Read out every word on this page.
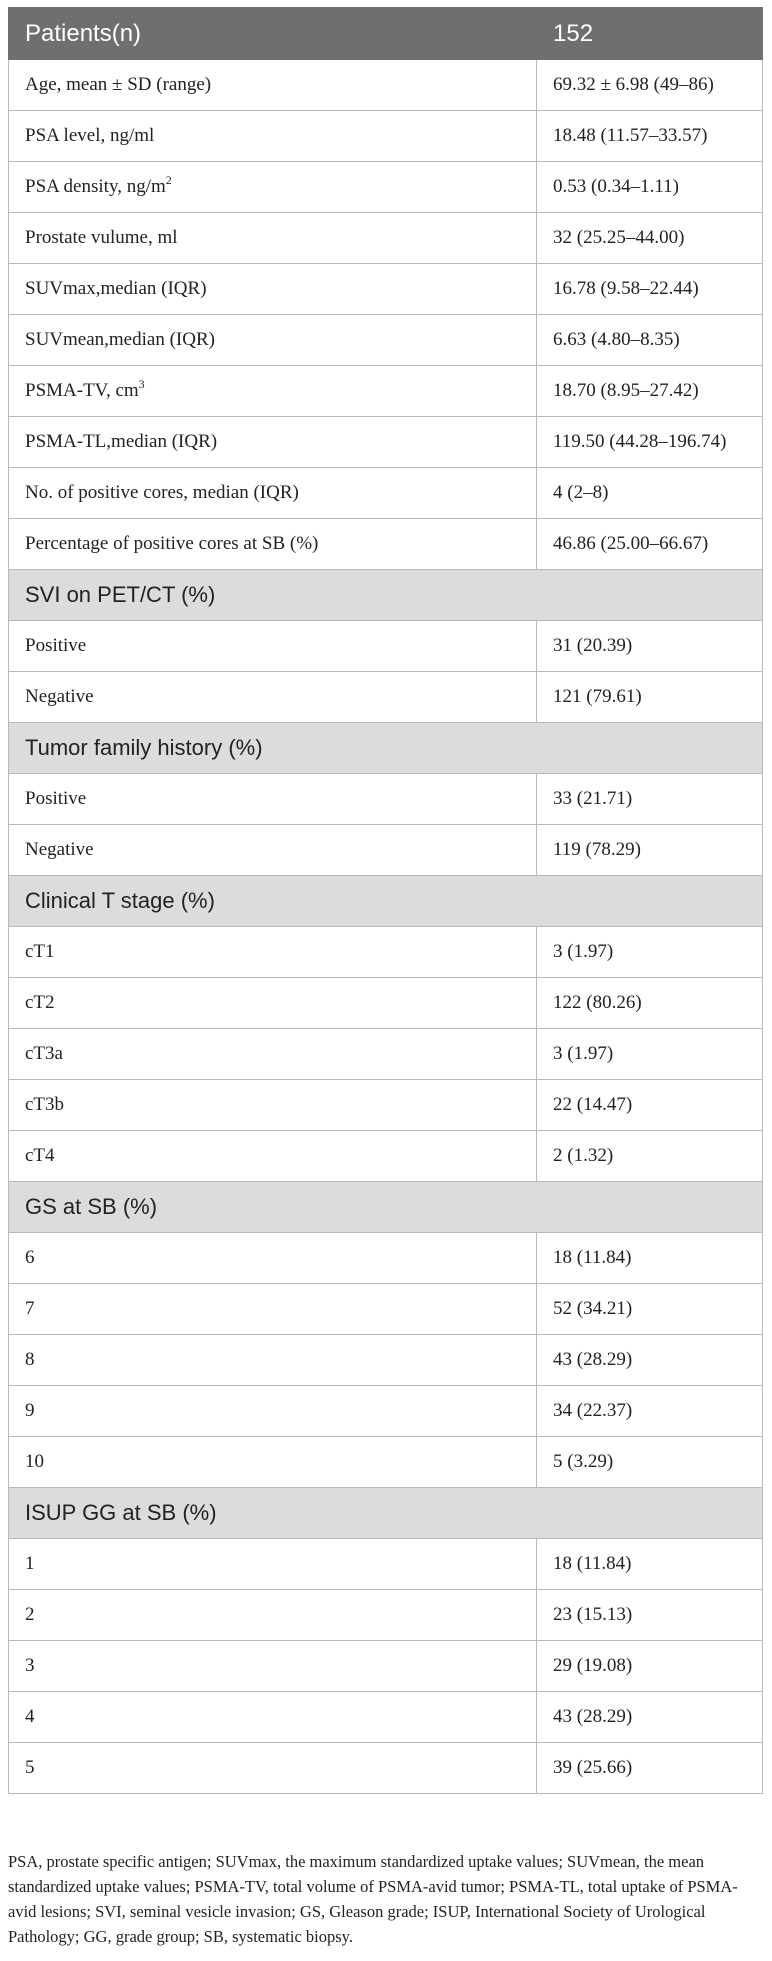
Patients(n)	152
Age, mean ± SD (range)	69.32 ± 6.98 (49–86)
PSA level, ng/ml	18.48 (11.57–33.57)
PSA density, $ng/m^2$	0.53 (0.34–1.11)
Prostate vulume, ml	32 (25.25–44.00)
SUVmax,median (IQR)	16.78 (9.58–22.44)
SUVmean,median (IQR)	6.63 (4.80–8.35)
PSMA-TV, $cm^3$	18.70 (8.95–27.42)
PSMA-TL,median (IQR)	119.50 (44.28–196.74)
No. of positive cores, median (IQR)	4 (2–8)
Percentage of positive cores at SB (%)	46.86 (25.00–66.67)
SVI on PET/CT (%)	
Positive	31 (20.39)
Negative	121 (79.61)
Tumor family history (%)	
Positive	33 (21.71)
Negative	119 (78.29)
Clinical T stage (%)	
cT1	3 (1.97)
cT2	122 (80.26)
cT3a	3 (1.97)
cT3b	22 (14.47)
cT4	2 (1.32)
GS at SB (%)	
6	18 (11.84)
7	52 (34.21)
8	43 (28.29)
9	34 (22.37)
10	5 (3.29)
ISUP GG at SB (%)	
1	18 (11.84)
2	23 (15.13)
3	29 (19.08)
4	43 (28.29)
5	39 (25.66)
PSA, prostate specific antigen; SUVmax, the maximum standardized uptake values; SUVmean, the mean standardized uptake values; PSMA-TV, total volume of PSMA-avid tumor; PSMA-TL, total uptake of PSMA-avid lesions; SVI, seminal vesicle invasion; GS, Gleason grade; ISUP, International Society of Urological Pathology; GG, grade group; SB, systematic biopsy.
